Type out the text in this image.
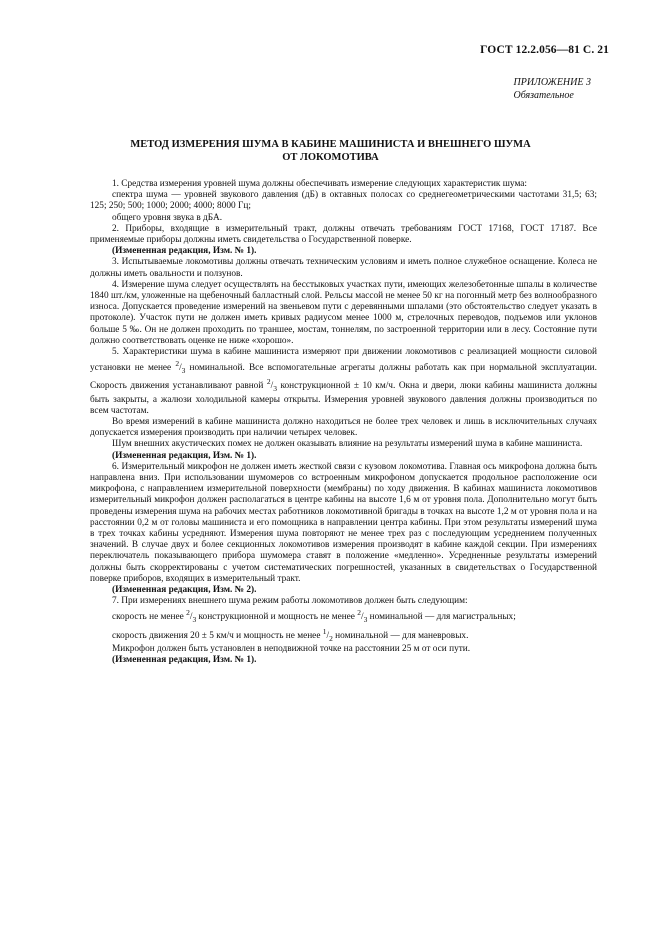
ГОСТ 12.2.056—81 С. 21
ПРИЛОЖЕНИЕ 3
Обязательное
МЕТОД ИЗМЕРЕНИЯ ШУМА В КАБИНЕ МАШИНИСТА И ВНЕШНЕГО ШУМА
ОТ ЛОКОМОТИВА

1. Средства измерения уровней шума должны обеспечивать измерение следующих характеристик шума:

спектра шума — уровней звукового давления (дБ) в октавных полосах со среднегеометрическими частотами 31,5; 63; 125; 250; 500; 1000; 2000; 4000; 8000 Гц;

общего уровня звука в дБА.

2. Приборы, входящие в измерительный тракт, должны отвечать требованиям ГОСТ 17168, ГОСТ 17187. Все применяемые приборы должны иметь свидетельства о Государственной поверке.

(Измененная редакция, Изм. № 1).

3. Испытываемые локомотивы должны отвечать техническим условиям и иметь полное служебное оснащение. Колеса не должны иметь овальности и ползунов.

4. Измерение шума следует осуществлять на бесстыковых участках пути, имеющих железобетонные шпалы в количестве 1840 шт./км, уложенные на щебеночный балластный слой. Рельсы массой не менее 50 кг на погонный метр без волнообразного износа. Допускается проведение измерений на звеньевом пути с деревянными шпалами (это обстоятельство следует указать в протоколе). Участок пути не должен иметь кривых радиусом менее 1000 м, стрелочных переводов, подъемов или уклонов больше 5 ‰. Он не должен проходить по траншее, мостам, тоннелям, по застроенной территории или в лесу. Состояние пути должно соответствовать оценке не ниже «хорошо».

5. Характеристики шума в кабине машиниста измеряют при движении локомотивов с реализацией мощности силовой установки не менее $^2/_3$ номинальной. Все вспомогательные агрегаты должны работать как при нормальной эксплуатации. Скорость движения устанавливают равной $^2/_3$ конструкционной ± 10 км/ч. Окна и двери, люки кабины машиниста должны быть закрыты, а жалюзи холодильной камеры открыты. Измерения уровней звукового давления должны производиться по всем частотам.

Во время измерений в кабине машиниста должно находиться не более трех человек и лишь в исключительных случаях допускается измерения производить при наличии четырех человек.

Шум внешних акустических помех не должен оказывать влияние на результаты измерений шума в кабине машиниста.

(Измененная редакция, Изм. № 1).

6. Измерительный микрофон не должен иметь жесткой связи с кузовом локомотива. Главная ось микрофона должна быть направлена вниз. При использовании шумомеров со встроенным микрофоном допускается продольное расположение оси микрофона, с направлением измерительной поверхности (мембраны) по ходу движения. В кабинах машиниста локомотивов измерительный микрофон должен располагаться в центре кабины на высоте 1,6 м от уровня пола. Дополнительно могут быть проведены измерения шума на рабочих местах работников локомотивной бригады в точках на высоте 1,2 м от уровня пола и на расстоянии 0,2 м от головы машиниста и его помощника в направлении центра кабины. При этом результаты измерений шума в трех точках кабины усредняют. Измерения шума повторяют не менее трех раз с последующим усреднением полученных значений. В случае двух и более секционных локомотивов измерения производят в кабине каждой секции. При измерениях переключатель показывающего прибора шумомера ставят в положение «медленно». Усредненные результаты измерений должны быть скорректированы с учетом систематических погрешностей, указанных в свидетельствах о Государственной поверке приборов, входящих в измерительный тракт.

(Измененная редакция, Изм. № 2).

7. При измерениях внешнего шума режим работы локомотивов должен быть следующим:

скорость не менее $^2/_3$ конструкционной и мощность не менее $^2/_3$ номинальной — для магистральных;

скорость движения 20 ± 5 км/ч и мощность не менее $^1/_2$ номинальной — для маневровых.

Микрофон должен быть установлен в неподвижной точке на расстоянии 25 м от оси пути.

(Измененная редакция, Изм. № 1).
